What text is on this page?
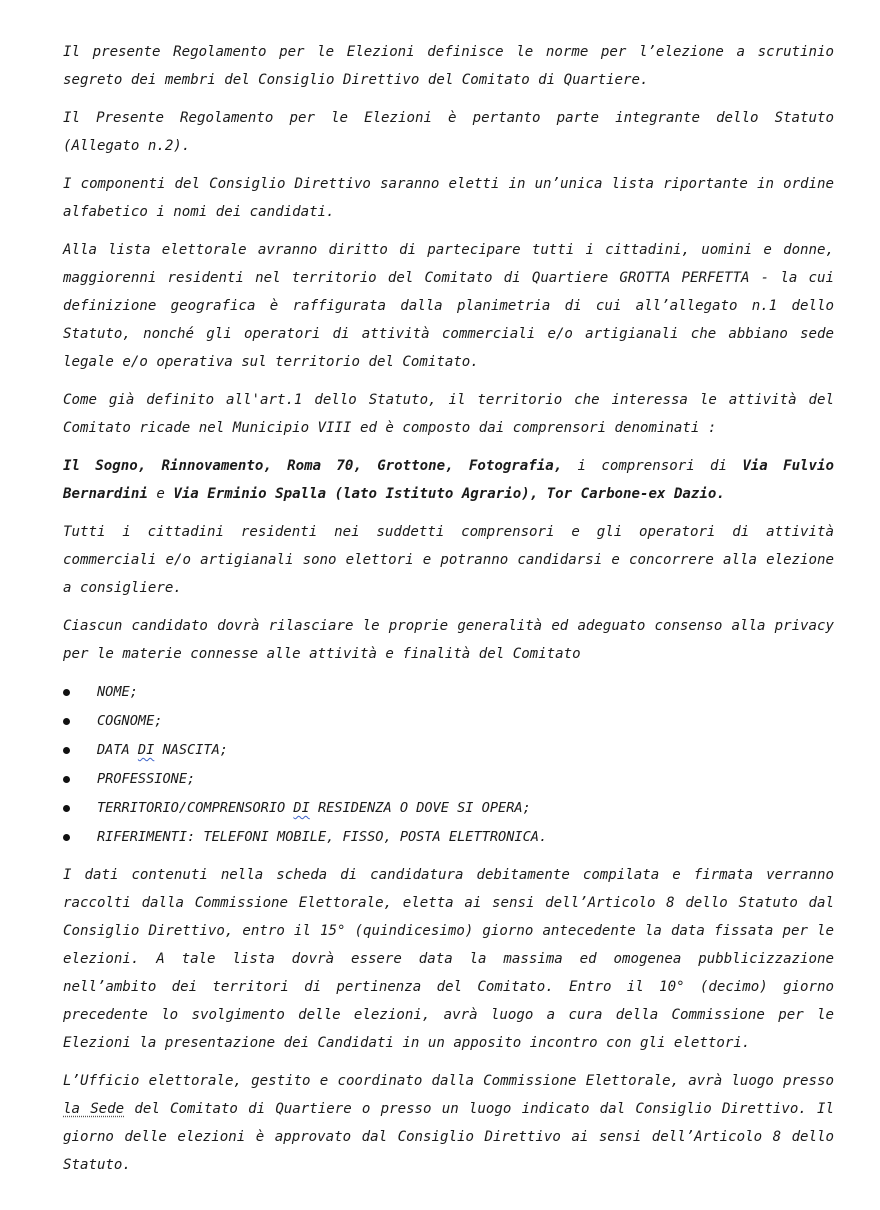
Il presente Regolamento per le Elezioni definisce le norme per l’elezione a scrutinio segreto dei membri del Consiglio Direttivo del Comitato di Quartiere.

Il Presente Regolamento per le Elezioni è pertanto parte integrante dello Statuto (Allegato n.2).

I componenti del Consiglio Direttivo saranno eletti in un’unica lista riportante in ordine alfabetico i nomi dei candidati.

Alla lista elettorale avranno diritto di partecipare tutti i cittadini, uomini e donne, maggiorenni residenti nel territorio del Comitato di Quartiere GROTTA PERFETTA - la cui definizione geografica è raffigurata dalla planimetria di cui all’allegato n.1 dello Statuto, nonché gli operatori di attività commerciali e/o artigianali che abbiano sede legale e/o operativa sul territorio del Comitato.

Come già definito all'art.1 dello Statuto, il territorio che interessa le attività del Comitato ricade nel Municipio VIII ed è composto dai comprensori denominati :

Il Sogno, Rinnovamento, Roma 70, Grottone, Fotografia, i comprensori di Via Fulvio Bernardini e Via Erminio Spalla (lato Istituto Agrario), Tor Carbone-ex Dazio.

Tutti i cittadini residenti nei suddetti comprensori e gli operatori di attività commerciali e/o artigianali sono elettori e potranno candidarsi e concorrere alla elezione a consigliere.

Ciascun candidato dovrà rilasciare le proprie generalità ed adeguato consenso alla privacy per le materie connesse alle attività e finalità del Comitato

NOME;
COGNOME;
DATA DI NASCITA;
PROFESSIONE;
TERRITORIO/COMPRENSORIO DI RESIDENZA O DOVE SI OPERA;
RIFERIMENTI: TELEFONI MOBILE, FISSO, POSTA ELETTRONICA.

I dati contenuti nella scheda di candidatura debitamente compilata e firmata verranno raccolti dalla Commissione Elettorale, eletta ai sensi dell’Articolo 8 dello Statuto dal Consiglio Direttivo, entro il 15° (quindicesimo) giorno antecedente la data fissata per le elezioni. A tale lista dovrà essere data la massima ed omogenea pubblicizzazione nell’ambito dei territori di pertinenza del Comitato. Entro il 10° (decimo) giorno precedente lo svolgimento delle elezioni, avrà luogo a cura della Commissione per le Elezioni la presentazione dei Candidati in un apposito incontro con gli elettori.

L’Ufficio elettorale, gestito e coordinato dalla Commissione Elettorale, avrà luogo presso la Sede del Comitato di Quartiere o presso un luogo indicato dal Consiglio Direttivo. Il giorno delle elezioni è approvato dal Consiglio Direttivo ai sensi dell’Articolo 8 dello Statuto.
